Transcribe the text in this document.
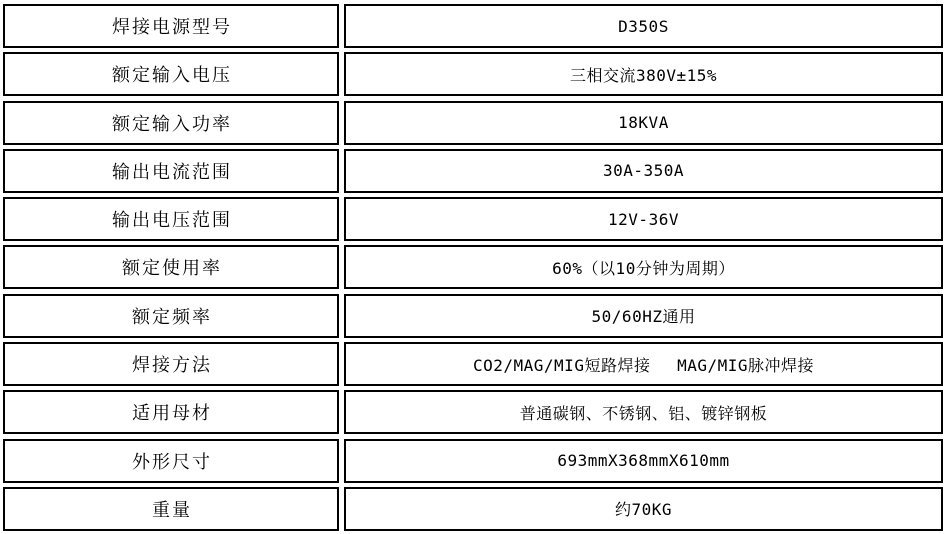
焊接电源型号	D350S
额定输入电压	三相交流380V±15%
额定输入功率	18KVA
输出电流范围	30A-350A
输出电压范围	12V-36V
额定使用率	60%（以10分钟为周期）
额定频率	50/60HZ通用
焊接方法	CO2/MAG/MIG短路焊接　 MAG/MIG脉冲焊接
适用母材	普通碳钢、不锈钢、铝、镀锌钢板
外形尺寸	693mmX368mmX610mm
重量	约70KG
